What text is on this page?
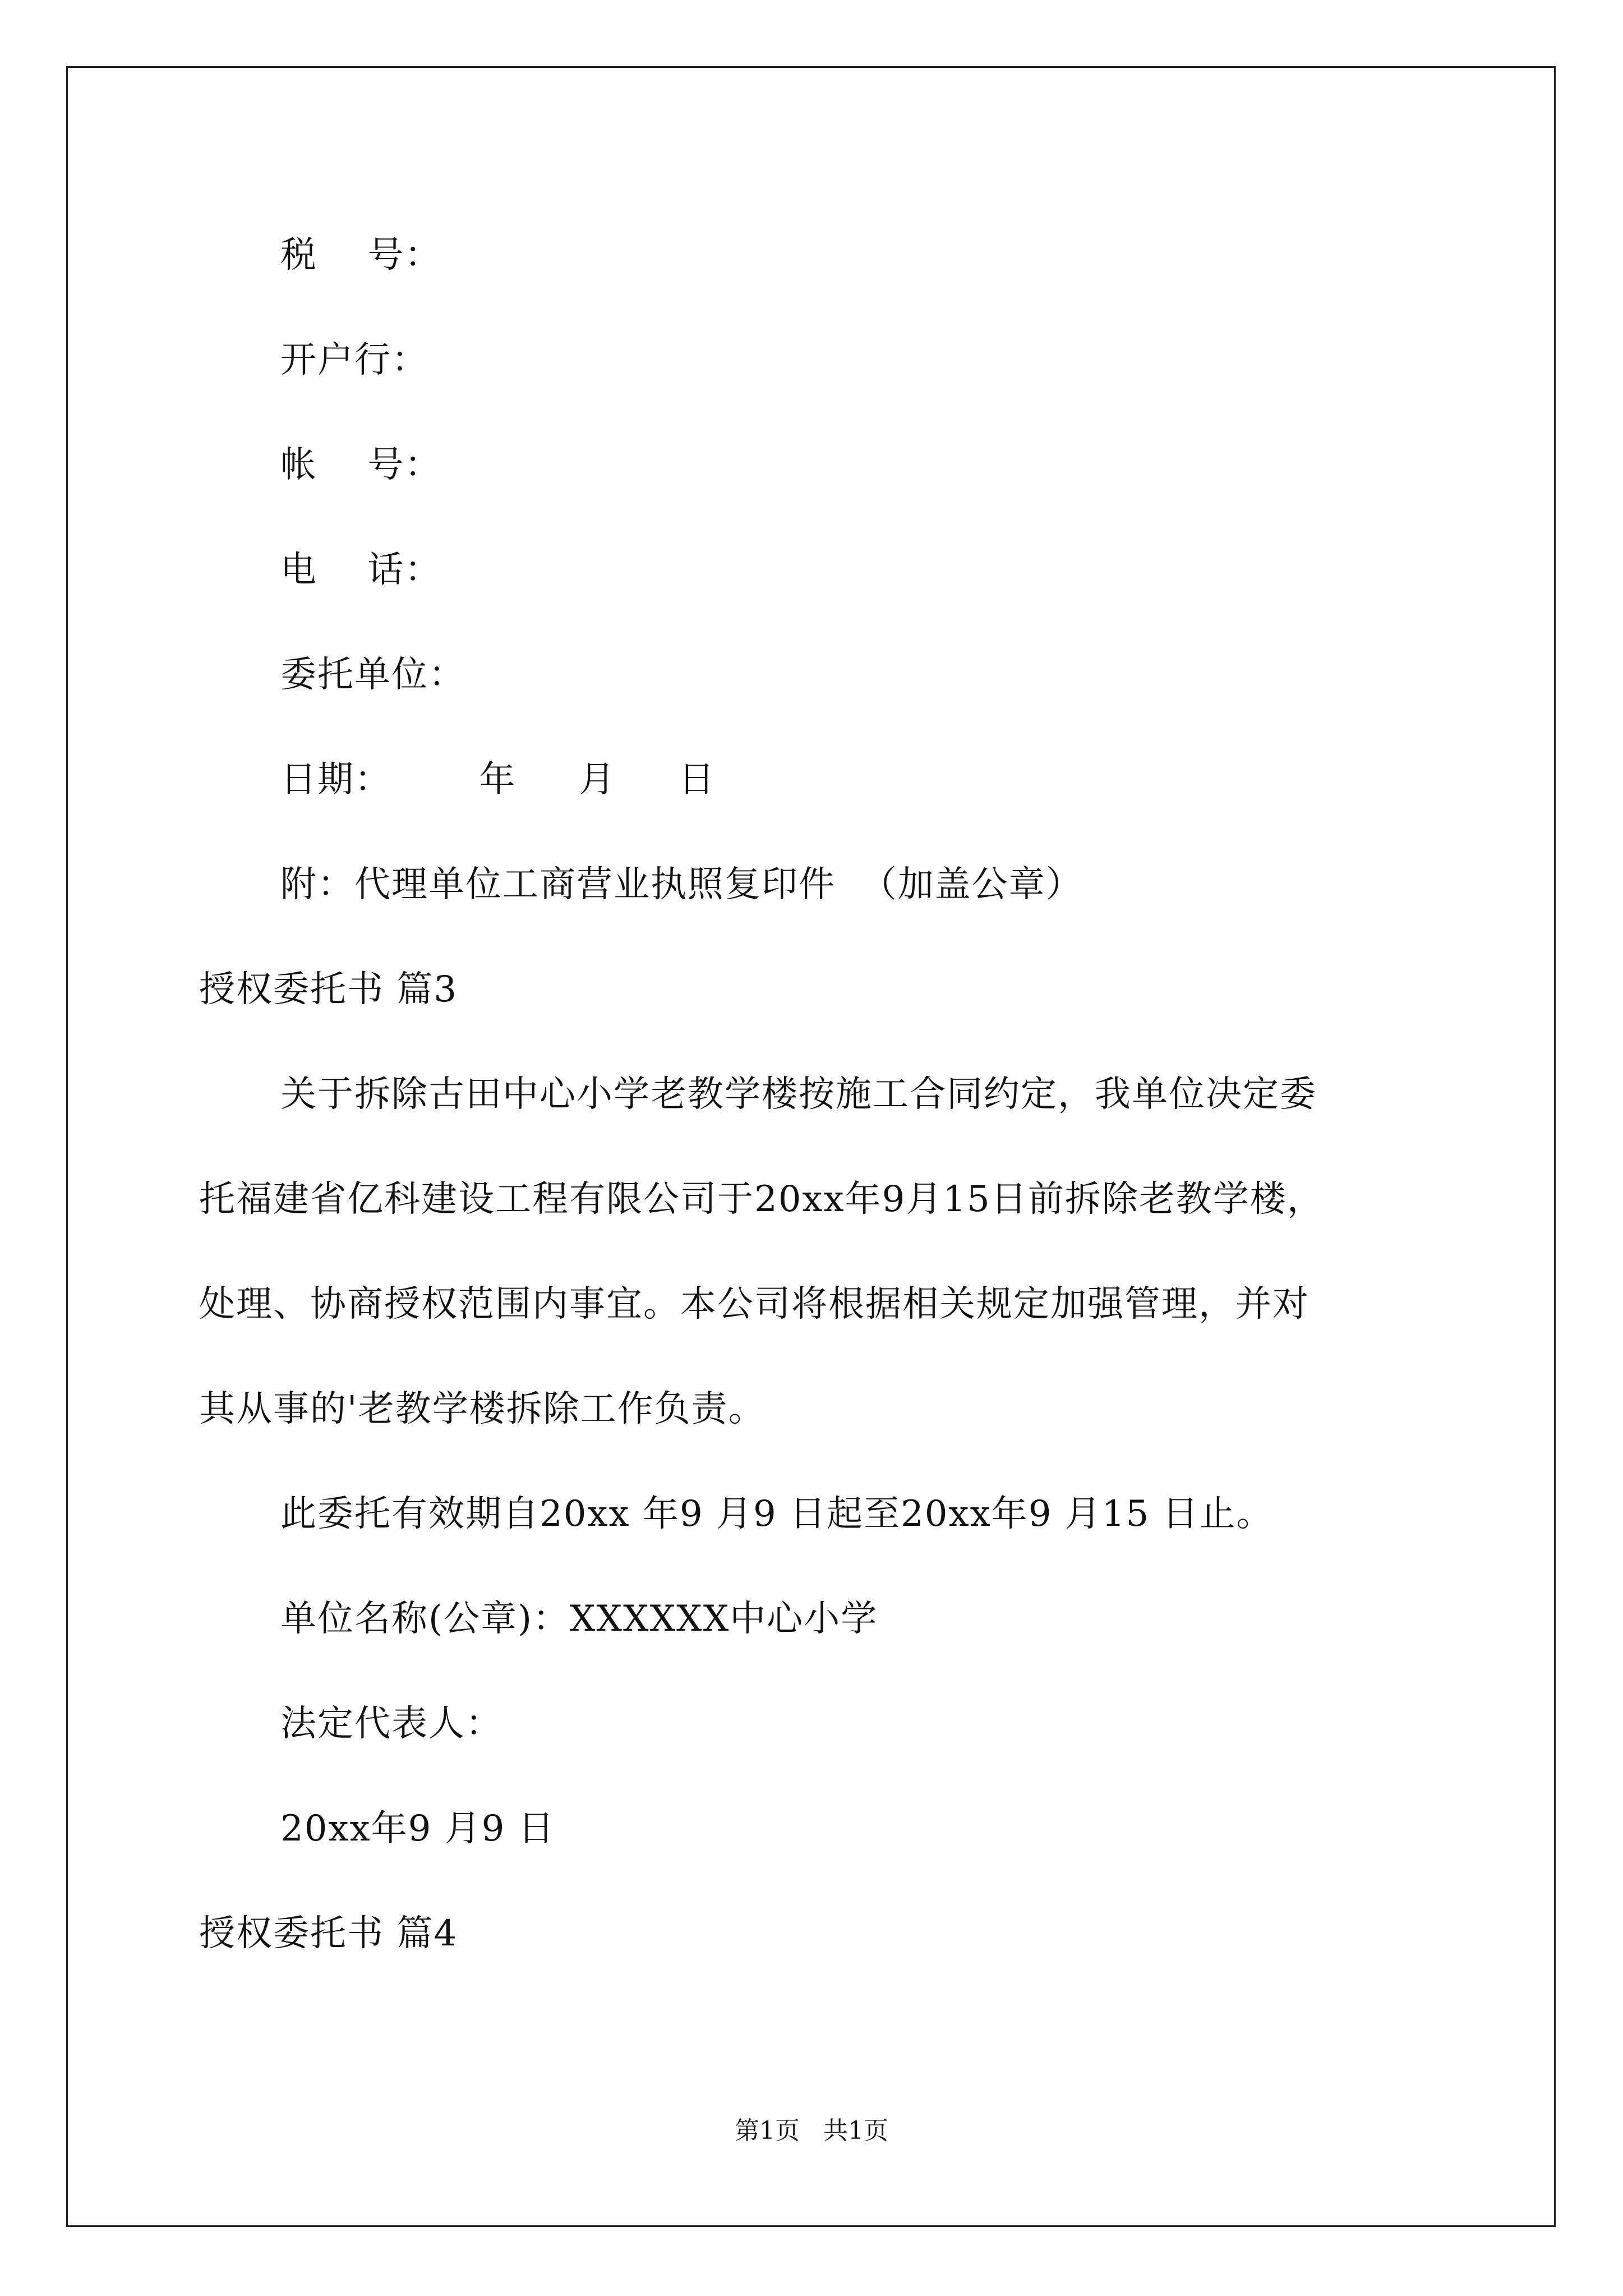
税    号：
开户行：
帐    号：
电    话：
委托单位：
日期：       年     月     日
附：代理单位工商营业执照复印件  （加盖公章）
授权委托书 篇3
关于拆除古田中心小学老教学楼按施工合同约定，我单位决定委
托福建省亿科建设工程有限公司于20xx年9月15日前拆除老教学楼，
处理、协商授权范围内事宜。本公司将根据相关规定加强管理，并对
其从事的'老教学楼拆除工作负责。
此委托有效期自20xx 年9 月9 日起至20xx年9 月15 日止。
单位名称(公章)：XXXXXX中心小学
法定代表人：
20xx年9 月9 日
授权委托书 篇4
第1页   共1页
